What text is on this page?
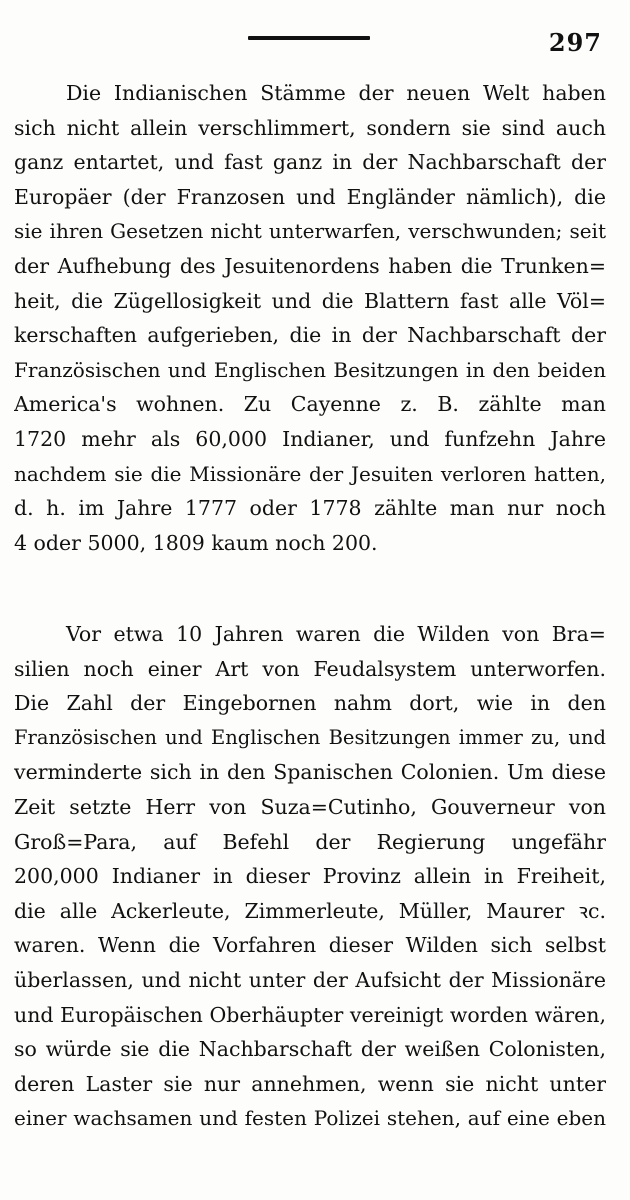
297
Die Indianischen Stämme der neuen Welt haben
sich nicht allein verschlimmert, sondern sie sind auch
ganz entartet, und fast ganz in der Nachbarschaft der
Europäer (der Franzosen und Engländer nämlich), die
sie ihren Gesetzen nicht unterwarfen, verschwunden; seit
der Aufhebung des Jesuitenordens haben die Trunken=
heit, die Zügellosigkeit und die Blattern fast alle Völ=
kerschaften aufgerieben, die in der Nachbarschaft der
Französischen und Englischen Besitzungen in den beiden
America's wohnen. Zu Cayenne z. B. zählte man
1720 mehr als 60,000 Indianer, und funfzehn Jahre
nachdem sie die Missionäre der Jesuiten verloren hatten,
d. h. im Jahre 1777 oder 1778 zählte man nur noch
4 oder 5000, 1809 kaum noch 200.
Vor etwa 10 Jahren waren die Wilden von Bra=
silien noch einer Art von Feudalsystem unterworfen.
Die Zahl der Eingebornen nahm dort, wie in den
Französischen und Englischen Besitzungen immer zu, und
verminderte sich in den Spanischen Colonien. Um diese
Zeit setzte Herr von Suza=Cutinho, Gouverneur von
Groß=Para, auf Befehl der Regierung ungefähr
200,000 Indianer in dieser Provinz allein in Freiheit,
die alle Ackerleute, Zimmerleute, Müller, Maurer ꝛc.
waren. Wenn die Vorfahren dieser Wilden sich selbst
überlassen, und nicht unter der Aufsicht der Missionäre
und Europäischen Oberhäupter vereinigt worden wären,
so würde sie die Nachbarschaft der weißen Colonisten,
deren Laster sie nur annehmen, wenn sie nicht unter
einer wachsamen und festen Polizei stehen, auf eine eben
